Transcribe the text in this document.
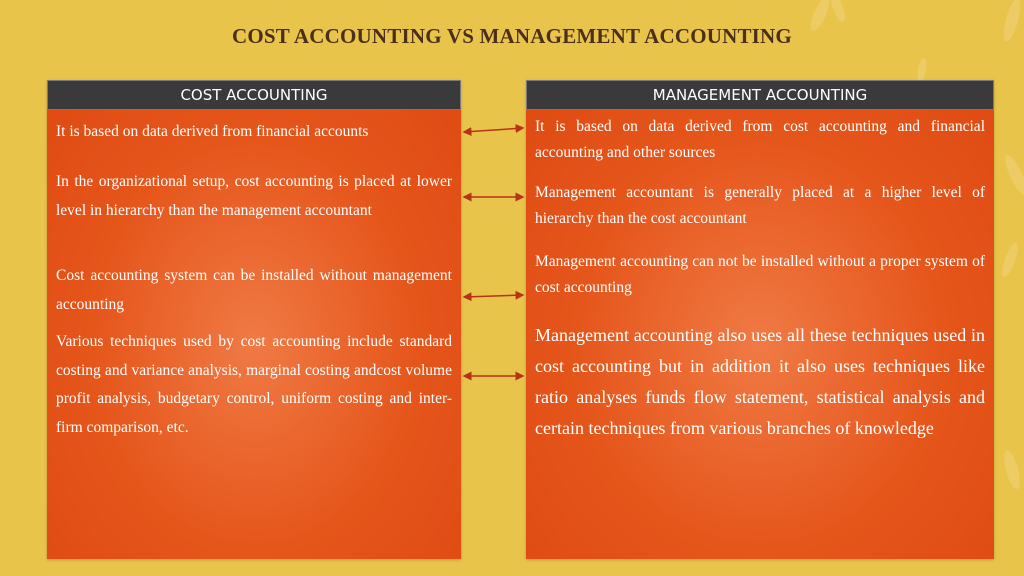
COST ACCOUNTING VS MANAGEMENT ACCOUNTING
COST ACCOUNTING
It is based on data derived from financial accounts
In the organizational setup, cost accounting is placed at lower level in hierarchy than the management accountant
Cost accounting system can be installed without management accounting
Various techniques used by cost accounting include standard costing and variance analysis, marginal costing andcost volume profit analysis, budgetary control, uniform costing and inter-firm comparison, etc.
MANAGEMENT ACCOUNTING
It is based on data derived from cost accounting and financial accounting and other sources
Management accountant is generally placed at a higher level of hierarchy than the cost accountant
Management accounting can not be installed without a proper system of cost accounting
Management accounting also uses all these techniques used in cost accounting but in addition it also uses techniques like ratio analyses funds flow statement, statistical analysis and certain techniques from various branches of knowledge
